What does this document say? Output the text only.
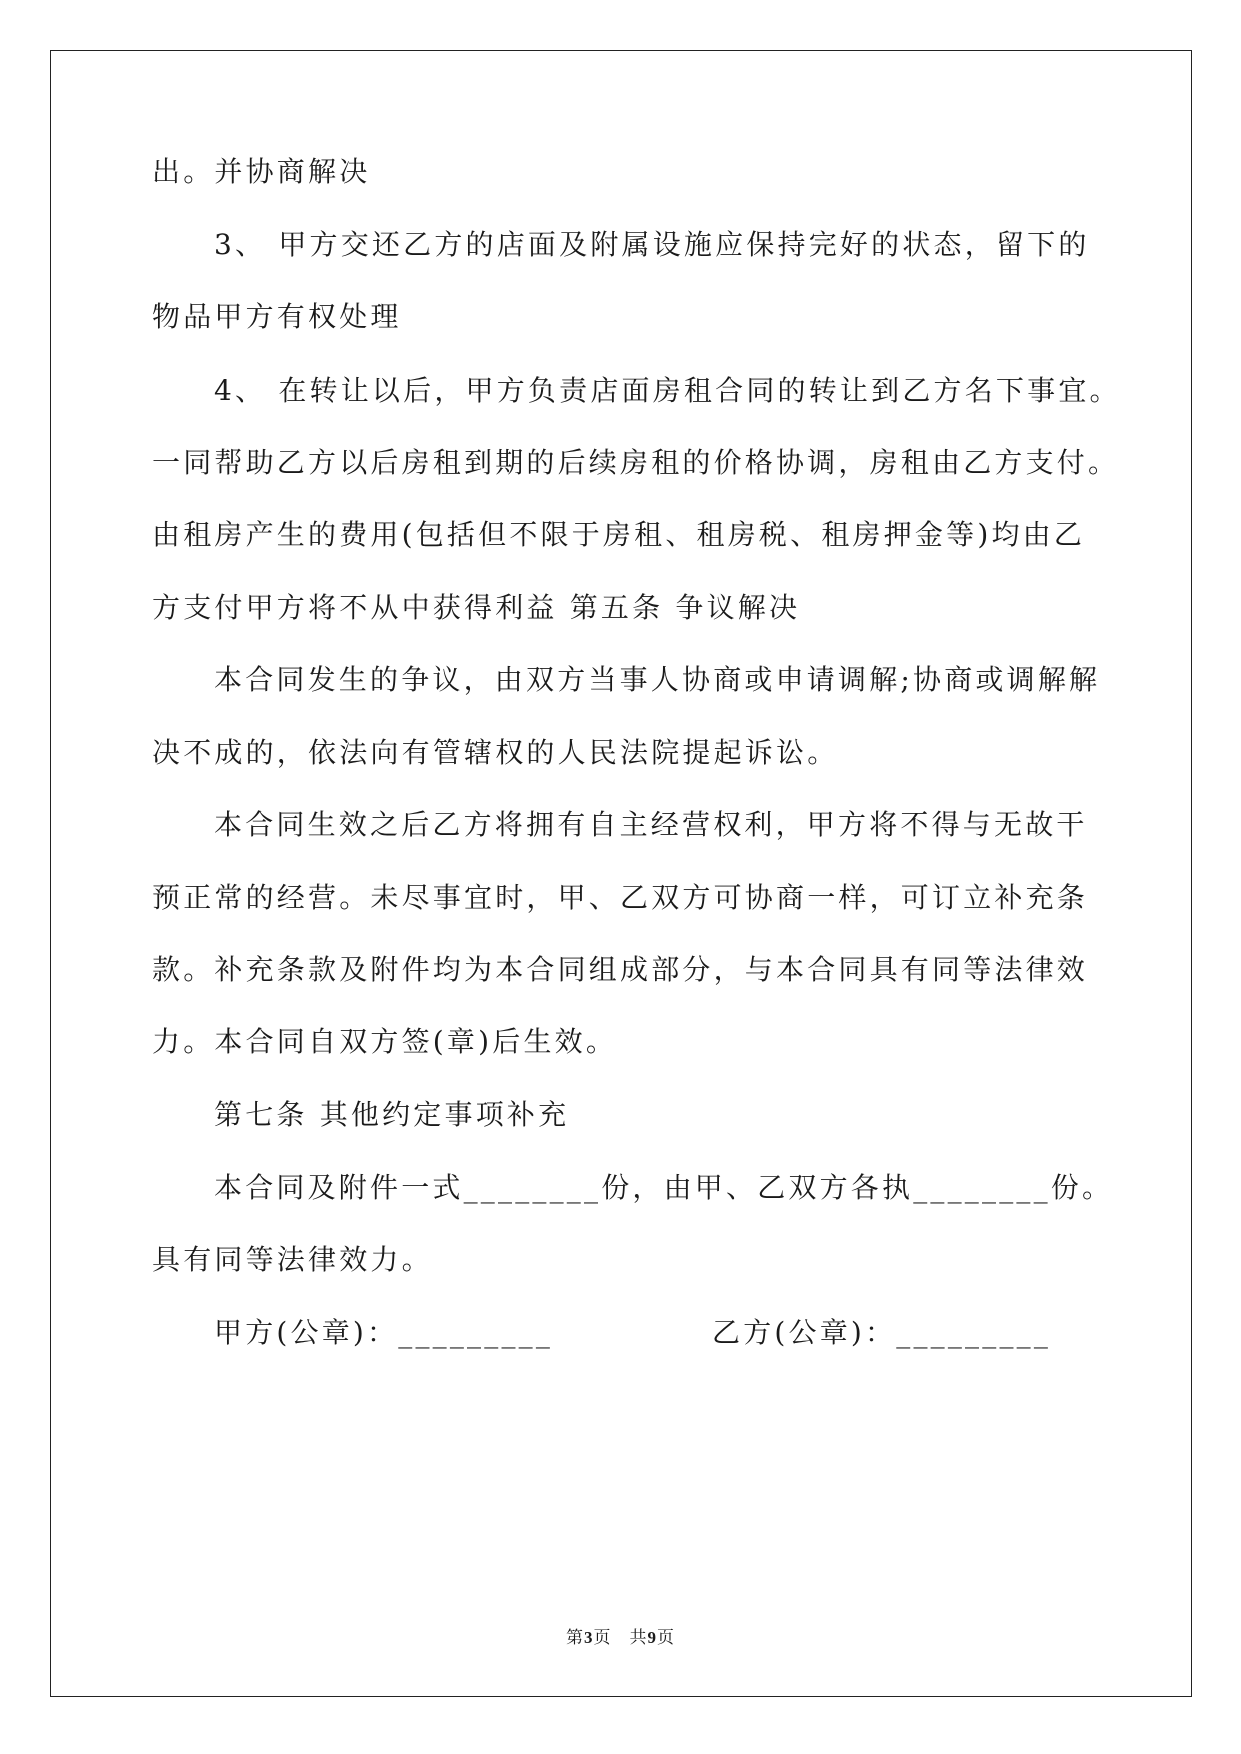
出。并协商解决
3、 甲方交还乙方的店面及附属设施应保持完好的状态，留下的
物品甲方有权处理
4、 在转让以后，甲方负责店面房租合同的转让到乙方名下事宜。
一同帮助乙方以后房租到期的后续房租的价格协调，房租由乙方支付。
由租房产生的费用(包括但不限于房租、租房税、租房押金等)均由乙
方支付甲方将不从中获得利益 第五条 争议解决
本合同发生的争议，由双方当事人协商或申请调解;协商或调解解
决不成的，依法向有管辖权的人民法院提起诉讼。
本合同生效之后乙方将拥有自主经营权利，甲方将不得与无故干
预正常的经营。未尽事宜时，甲、乙双方可协商一样，可订立补充条
款。补充条款及附件均为本合同组成部分，与本合同具有同等法律效
力。本合同自双方签(章)后生效。
第七条 其他约定事项补充
本合同及附件一式________份，由甲、乙双方各执________份。
具有同等法律效力。
甲方(公章)：_________	乙方(公章)：_________
第3页 共9页
